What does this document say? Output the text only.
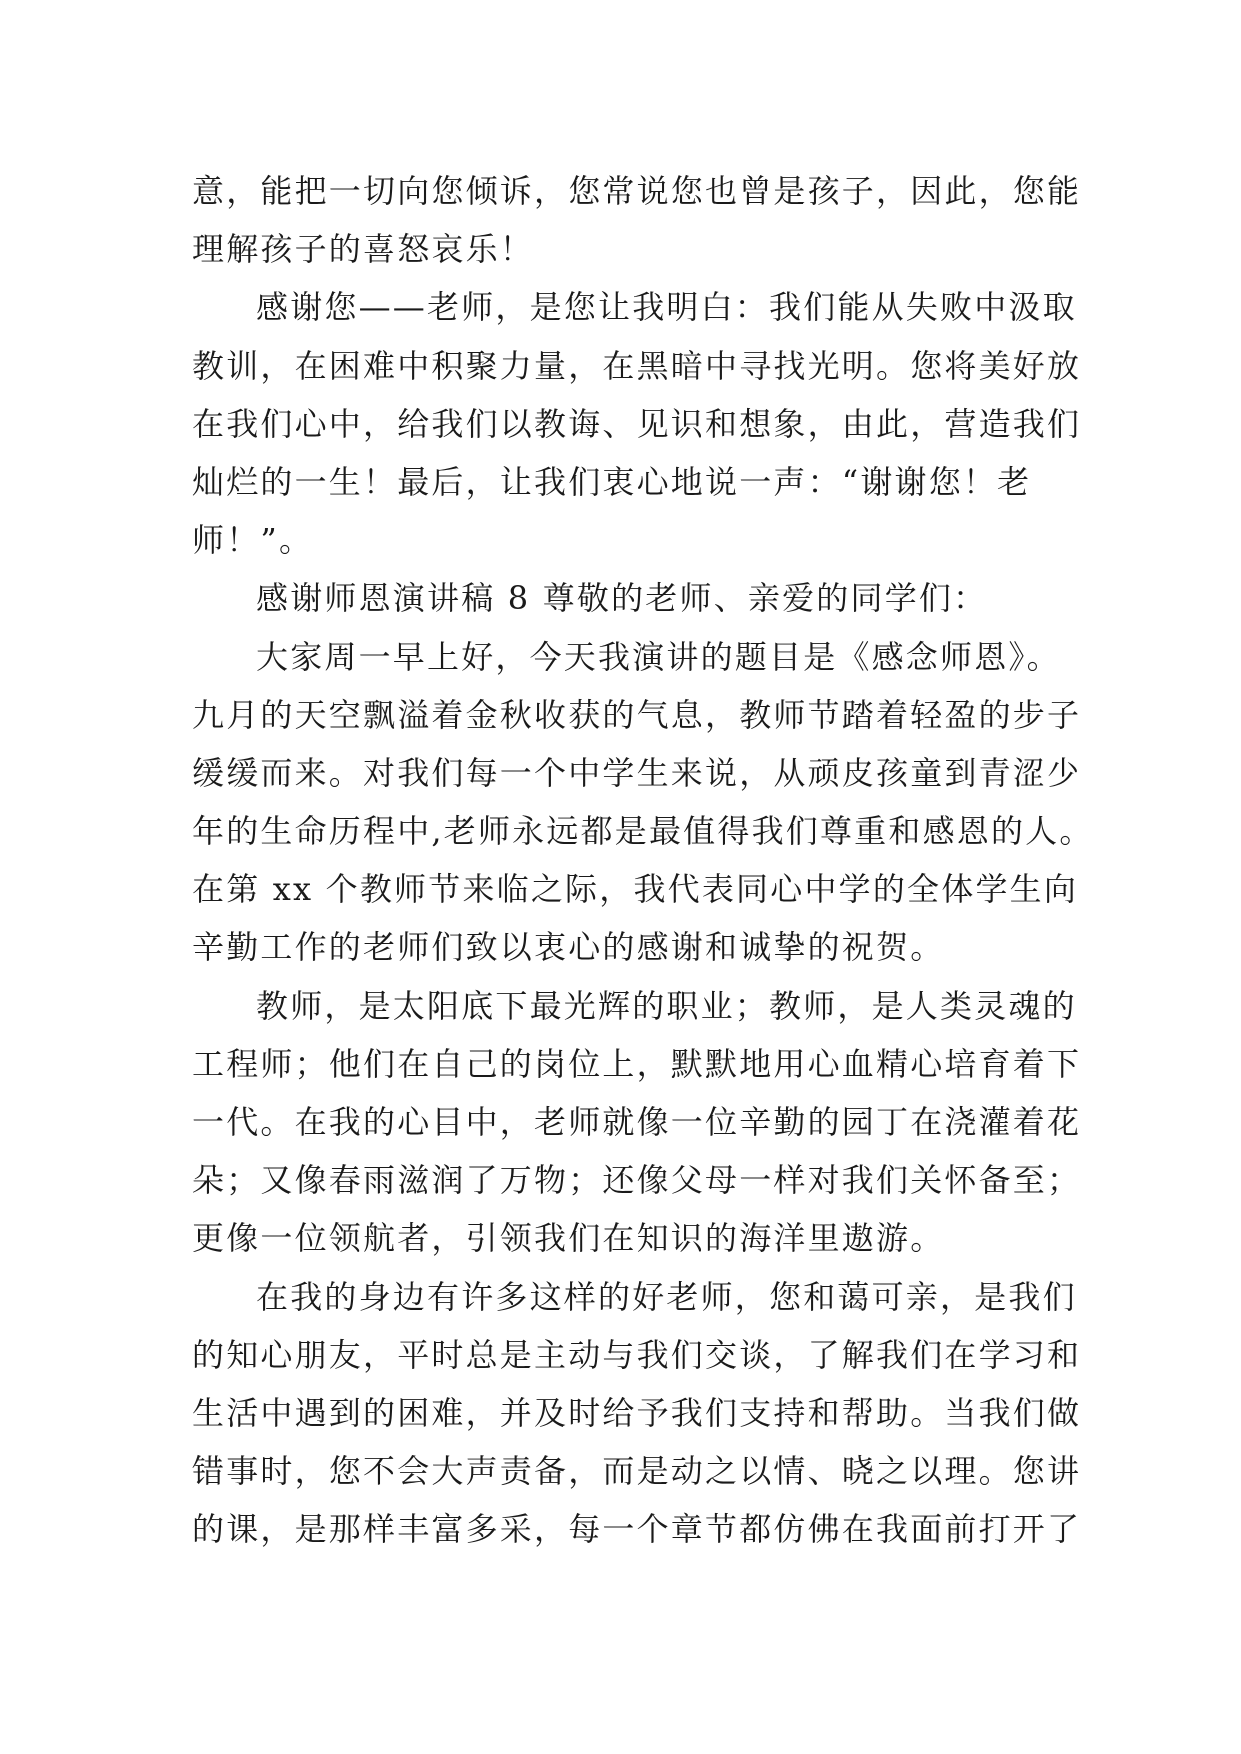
意，能把一切向您倾诉，您常说您也曾是孩子，因此，您能
理解孩子的喜怒哀乐！
感谢您——老师，是您让我明白：我们能从失败中汲取
教训，在困难中积聚力量，在黑暗中寻找光明。您将美好放
在我们心中，给我们以教诲、见识和想象，由此，营造我们
灿烂的一生！最后，让我们衷心地说一声：“谢谢您！老
师！”。
感谢师恩演讲稿 8 尊敬的老师、亲爱的同学们：
大家周一早上好，今天我演讲的题目是《感念师恩》。
九月的天空飘溢着金秋收获的气息，教师节踏着轻盈的步子
缓缓而来。对我们每一个中学生来说，从顽皮孩童到青涩少
年的生命历程中,老师永远都是最值得我们尊重和感恩的人。
在第 xx 个教师节来临之际，我代表同心中学的全体学生向
辛勤工作的老师们致以衷心的感谢和诚挚的祝贺。
教师，是太阳底下最光辉的职业；教师，是人类灵魂的
工程师；他们在自己的岗位上，默默地用心血精心培育着下
一代。在我的心目中，老师就像一位辛勤的园丁在浇灌着花
朵；又像春雨滋润了万物；还像父母一样对我们关怀备至；
更像一位领航者，引领我们在知识的海洋里遨游。
在我的身边有许多这样的好老师，您和蔼可亲，是我们
的知心朋友，平时总是主动与我们交谈，了解我们在学习和
生活中遇到的困难，并及时给予我们支持和帮助。当我们做
错事时，您不会大声责备，而是动之以情、晓之以理。您讲
的课，是那样丰富多采，每一个章节都仿佛在我面前打开了
